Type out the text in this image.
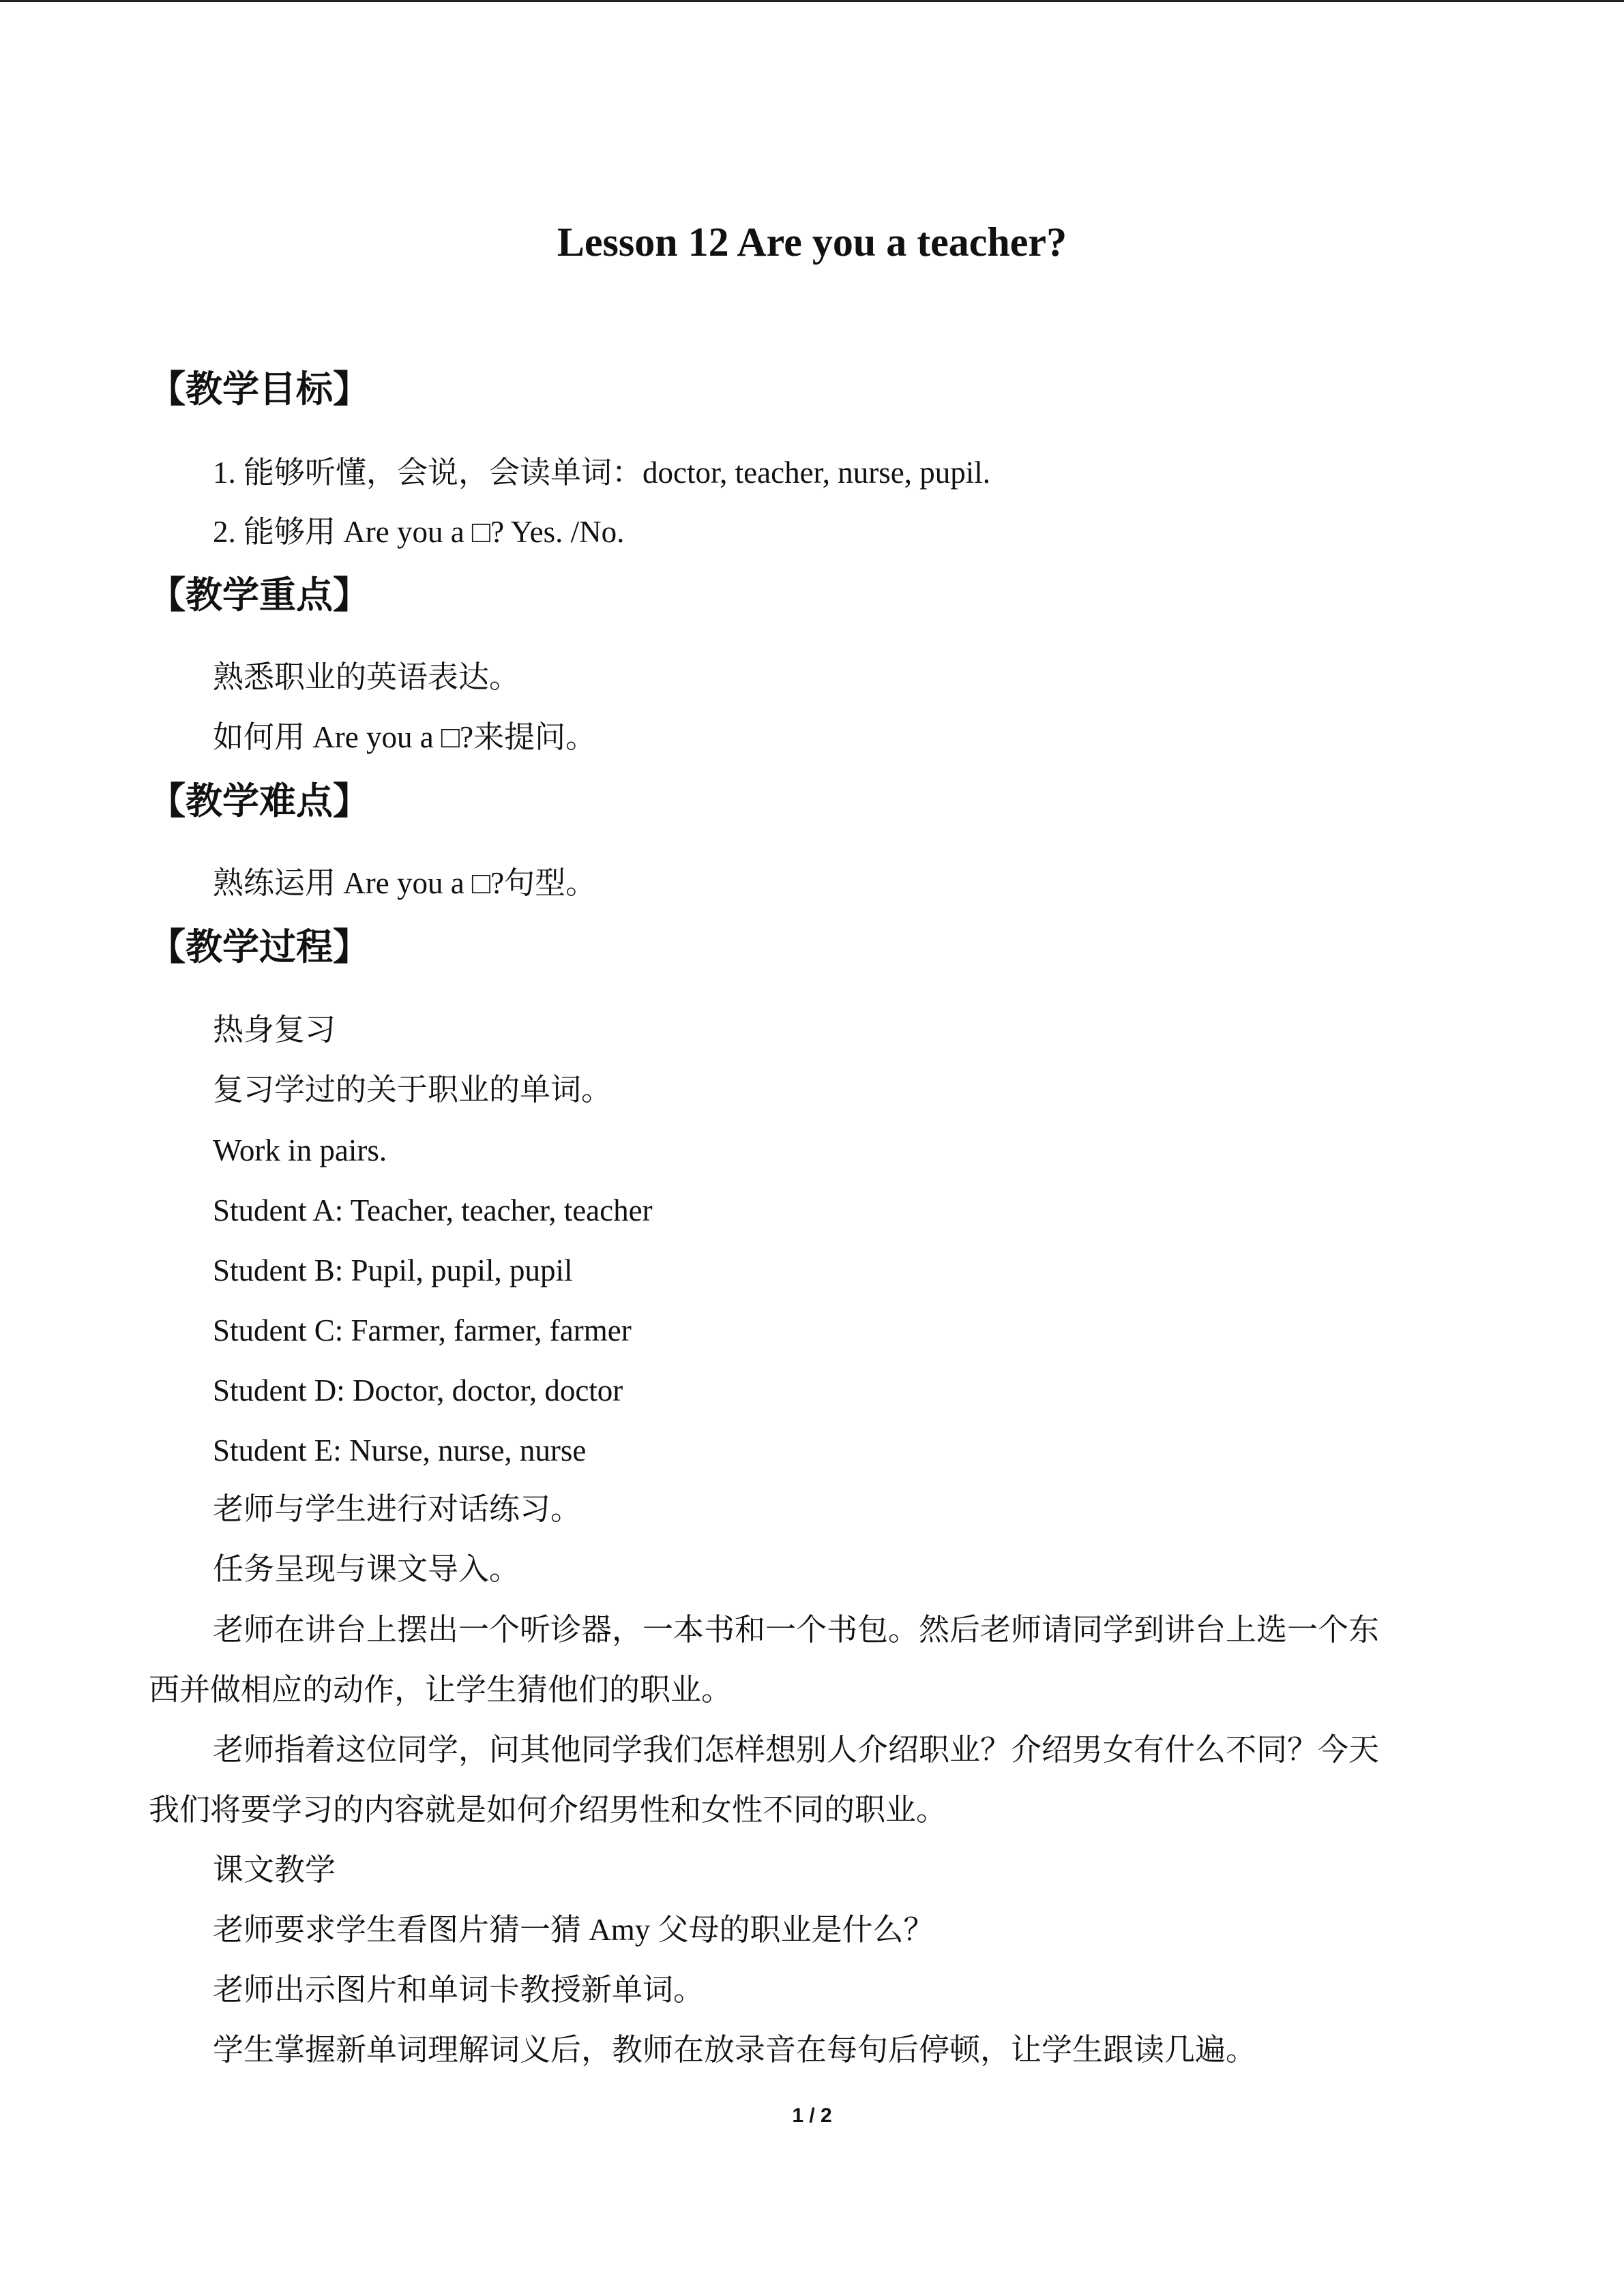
Lesson 12 Are you a teacher?
【教学目标】
1. 能够听懂，会说，会读单词：doctor, teacher, nurse, pupil.
2. 能够用 Are you a □? Yes. /No.
【教学重点】
熟悉职业的英语表达。
如何用 Are you a □?来提问。
【教学难点】
熟练运用 Are you a □?句型。
【教学过程】
热身复习
复习学过的关于职业的单词。
Work in pairs.
Student A: Teacher, teacher, teacher
Student B: Pupil, pupil, pupil
Student C: Farmer, farmer, farmer
Student D: Doctor, doctor, doctor
Student E: Nurse, nurse, nurse
老师与学生进行对话练习。
任务呈现与课文导入。
老师在讲台上摆出一个听诊器，一本书和一个书包。然后老师请同学到讲台上选一个东
西并做相应的动作，让学生猜他们的职业。
老师指着这位同学，问其他同学我们怎样想别人介绍职业？介绍男女有什么不同？今天
我们将要学习的内容就是如何介绍男性和女性不同的职业。
课文教学
老师要求学生看图片猜一猜 Amy 父母的职业是什么？
老师出示图片和单词卡教授新单词。
学生掌握新单词理解词义后，教师在放录音在每句后停顿，让学生跟读几遍。
1 / 2
